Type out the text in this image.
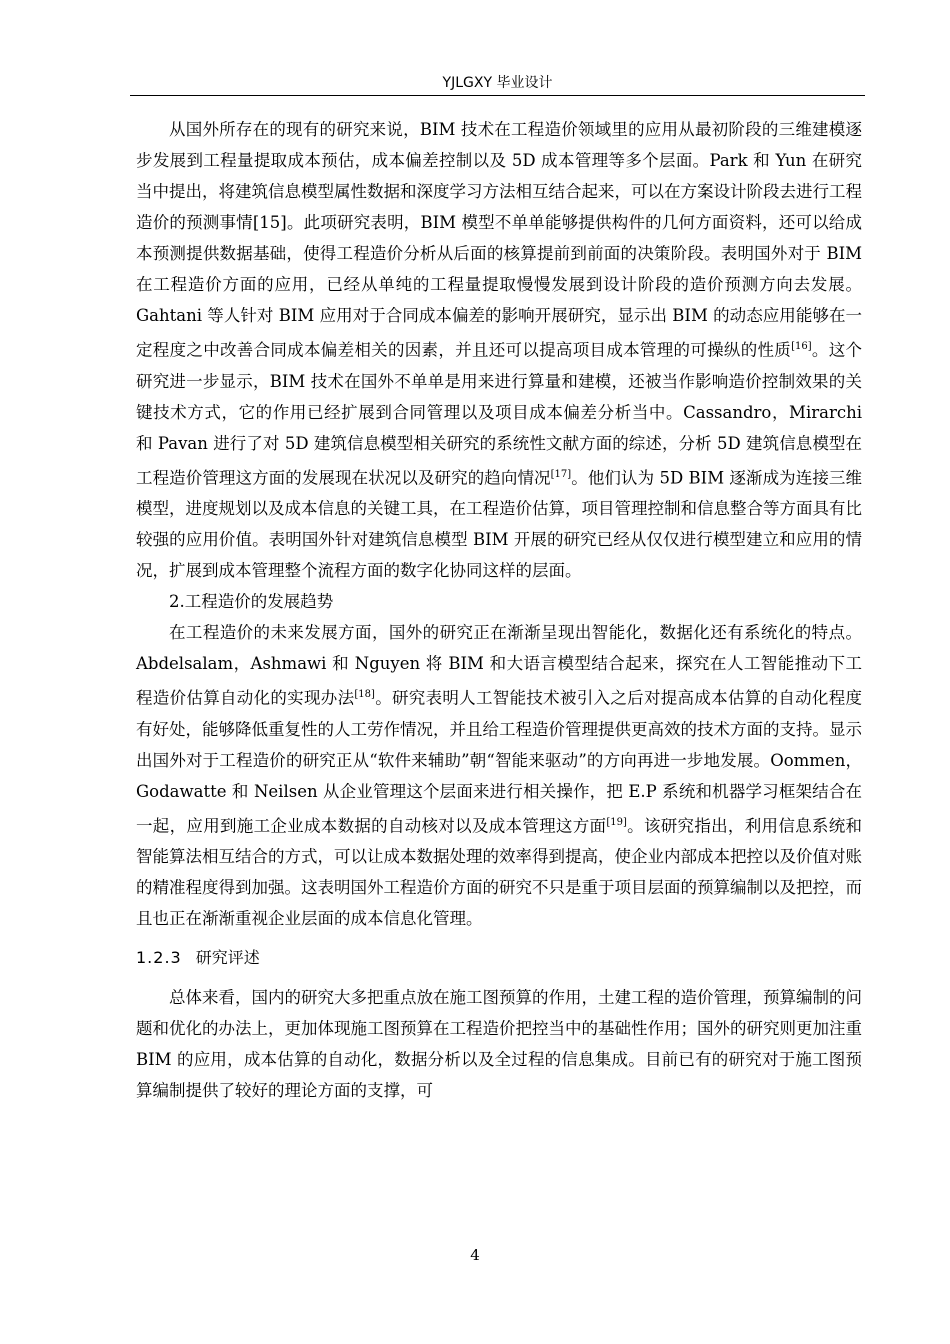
YJLGXY 毕业设计

从国外所存在的现有的研究来说，BIM 技术在工程造价领域里的应用从最初阶段的三维建模逐步发展到工程量提取成本预估，成本偏差控制以及 5D 成本管理等多个层面。Park 和 Yun 在研究当中提出，将建筑信息模型属性数据和深度学习方法相互结合起来，可以在方案设计阶段去进行工程造价的预测事情[15]。此项研究表明，BIM 模型不单单能够提供构件的几何方面资料，还可以给成本预测提供数据基础，使得工程造价分析从后面的核算提前到前面的决策阶段。表明国外对于 BIM 在工程造价方面的应用，已经从单纯的工程量提取慢慢发展到设计阶段的造价预测方向去发展。Gahtani 等人针对 BIM 应用对于合同成本偏差的影响开展研究，显示出 BIM 的动态应用能够在一定程度之中改善合同成本偏差相关的因素，并且还可以提高项目成本管理的可操纵的性质[16]。这个研究进一步显示，BIM 技术在国外不单单是用来进行算量和建模，还被当作影响造价控制效果的关键技术方式，它的作用已经扩展到合同管理以及项目成本偏差分析当中。Cassandro，Mirarchi 和 Pavan 进行了对 5D 建筑信息模型相关研究的系统性文献方面的综述，分析 5D 建筑信息模型在工程造价管理这方面的发展现在状况以及研究的趋向情况[17]。他们认为 5D BIM 逐渐成为连接三维模型，进度规划以及成本信息的关键工具，在工程造价估算，项目管理控制和信息整合等方面具有比较强的应用价值。表明国外针对建筑信息模型 BIM 开展的研究已经从仅仅进行模型建立和应用的情况，扩展到成本管理整个流程方面的数字化协同这样的层面。

2.工程造价的发展趋势

在工程造价的未来发展方面，国外的研究正在渐渐呈现出智能化，数据化还有系统化的特点。Abdelsalam，Ashmawi 和 Nguyen 将 BIM 和大语言模型结合起来，探究在人工智能推动下工程造价估算自动化的实现办法[18]。研究表明人工智能技术被引入之后对提高成本估算的自动化程度有好处，能够降低重复性的人工劳作情况，并且给工程造价管理提供更高效的技术方面的支持。显示出国外对于工程造价的研究正从“软件来辅助”朝“智能来驱动”的方向再进一步地发展。Oommen，Godawatte 和 Neilsen 从企业管理这个层面来进行相关操作，把 E.P 系统和机器学习框架结合在一起，应用到施工企业成本数据的自动核对以及成本管理这方面[19]。该研究指出，利用信息系统和智能算法相互结合的方式，可以让成本数据处理的效率得到提高，使企业内部成本把控以及价值对账的精准程度得到加强。这表明国外工程造价方面的研究不只是重于项目层面的预算编制以及把控，而且也正在渐渐重视企业层面的成本信息化管理。

1.2.3 研究评述

总体来看，国内的研究大多把重点放在施工图预算的作用，土建工程的造价管理，预算编制的问题和优化的办法上，更加体现施工图预算在工程造价把控当中的基础性作用；国外的研究则更加注重 BIM 的应用，成本估算的自动化，数据分析以及全过程的信息集成。目前已有的研究对于施工图预算编制提供了较好的理论方面的支撑，可

4
